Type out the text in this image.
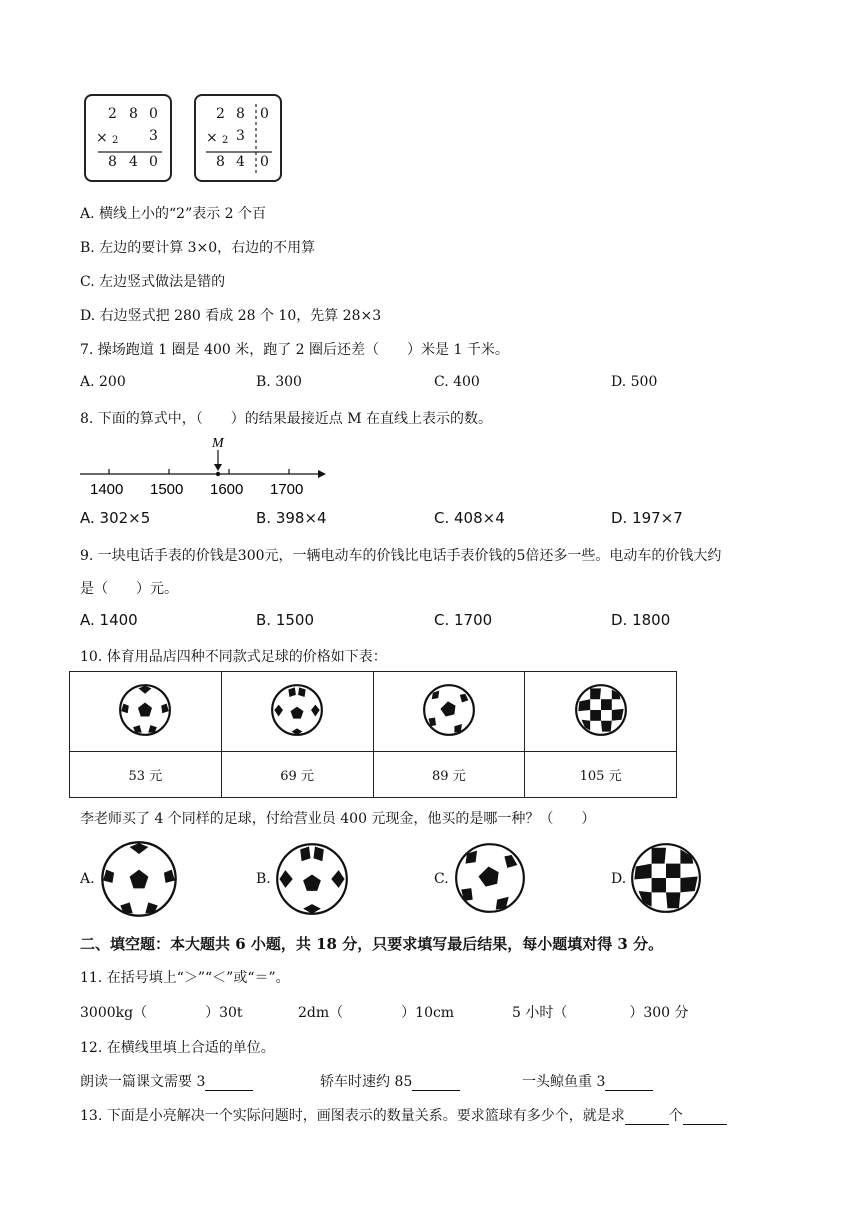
2 8 0
× 2 3
8 4 0
2 8 0
× 2 3
8 4 0
A. 横线上小的“2”表示 2 个百
B. 左边的要计算 3×0，右边的不用算
C. 左边竖式做法是错的
D. 右边竖式把 280 看成 28 个 10，先算 28×3
7. 操场跑道 1 圈是 400 米，跑了 2 圈后还差（　　）米是 1 千米。
A. 200	B. 300	C. 400	D. 500
8. 下面的算式中，（　　）的结果最接近点 M 在直线上表示的数。
M
1400 1500 1600 1700
A. 302×5	B. 398×4	C. 408×4	D. 197×7
9. 一块电话手表的价钱是300元，一辆电动车的价钱比电话手表价钱的5倍还多一些。电动车的价钱大约
是（　　）元。
A. 1400	B. 1500	C. 1700	D. 1800
10. 体育用品店四种不同款式足球的价格如下表：

53 元	69 元	89 元	105 元
李老师买了 4 个同样的足球，付给营业员 400 元现金，他买的是哪一种？（　　）
A.	B.	C.	D.
二、填空题：本大题共 6 小题，共 18 分，只要求填写最后结果，每小题填对得 3 分。
11. 在括号填上“＞”“＜”或“＝”。
3000kg（	）30t	2dm（	）10cm	5 小时（	）300 分
12. 在横线里填上合适的单位。
朗读一篇课文需要 3	轿车时速约 85	一头鲸鱼重 3
13. 下面是小亮解决一个实际问题时，画图表示的数量关系。要求篮球有多少个，就是求	个
